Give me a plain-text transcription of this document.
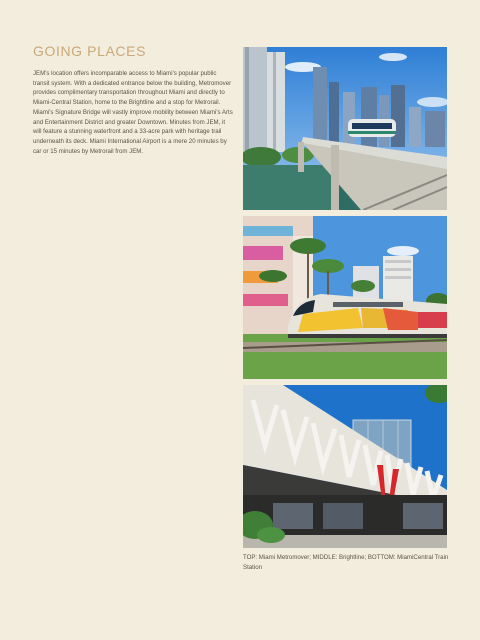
GOING PLACES

JEM's location offers incomparable access to Miami's popular public transit system. With a dedicated entrance below the building, Metromover provides complimentary transportation throughout Miami and directly to Miami-Central Station, home to the Brightline and a stop for Metrorail. Miami's Signature Bridge will vastly improve mobility between Miami's Arts and Entertainment District and greater Downtown. Minutes from JEM, it will feature a stunning waterfront and a 33-acre park with heritage trail underneath its deck. Miami International Airport is a mere 20 minutes by car or 15 minutes by Metrorail from JEM.

TOP: Miami Metromover; MIDDLE: Brightline; BOTTOM: MiamiCentral Train Station
